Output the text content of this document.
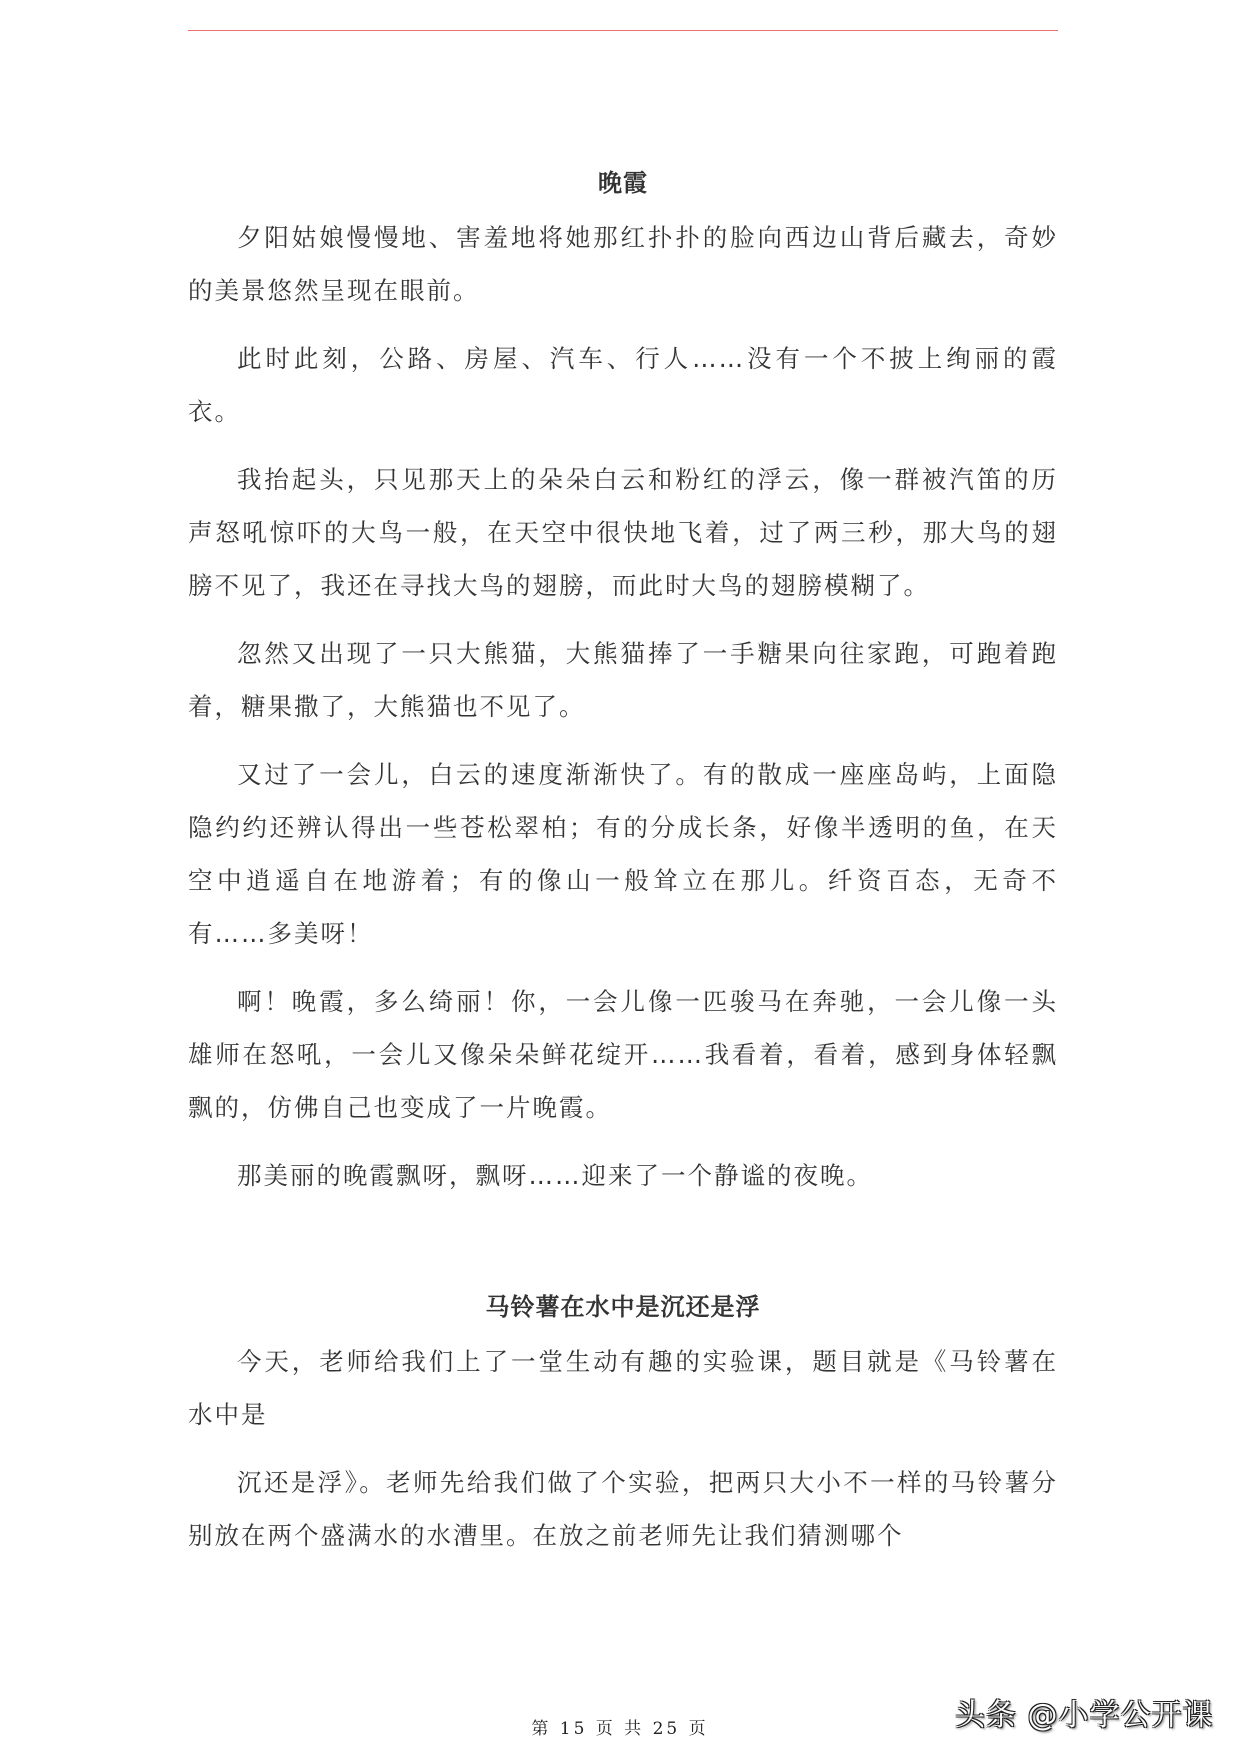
晚霞

夕阳姑娘慢慢地、害羞地将她那红扑扑的脸向西边山背后藏去，奇妙的美景悠然呈现在眼前。

此时此刻，公路、房屋、汽车、行人……没有一个不披上绚丽的霞衣。

我抬起头，只见那天上的朵朵白云和粉红的浮云，像一群被汽笛的历声怒吼惊吓的大鸟一般，在天空中很快地飞着，过了两三秒，那大鸟的翅膀不见了，我还在寻找大鸟的翅膀，而此时大鸟的翅膀模糊了。

忽然又出现了一只大熊猫，大熊猫捧了一手糖果向往家跑，可跑着跑着，糖果撒了，大熊猫也不见了。

又过了一会儿，白云的速度渐渐快了。有的散成一座座岛屿，上面隐隐约约还辨认得出一些苍松翠柏；有的分成长条，好像半透明的鱼，在天空中逍遥自在地游着；有的像山一般耸立在那儿。纤资百态，无奇不有……多美呀！

啊！晚霞，多么绮丽！你，一会儿像一匹骏马在奔驰，一会儿像一头雄师在怒吼，一会儿又像朵朵鲜花绽开……我看着，看着，感到身体轻飘飘的，仿佛自己也变成了一片晚霞。

那美丽的晚霞飘呀，飘呀……迎来了一个静谧的夜晚。

马铃薯在水中是沉还是浮

今天，老师给我们上了一堂生动有趣的实验课，题目就是《马铃薯在水中是

沉还是浮》。老师先给我们做了个实验，把两只大小不一样的马铃薯分别放在两个盛满水的水漕里。在放之前老师先让我们猜测哪个

第 15 页 共 25 页	头条 @小学公开课
